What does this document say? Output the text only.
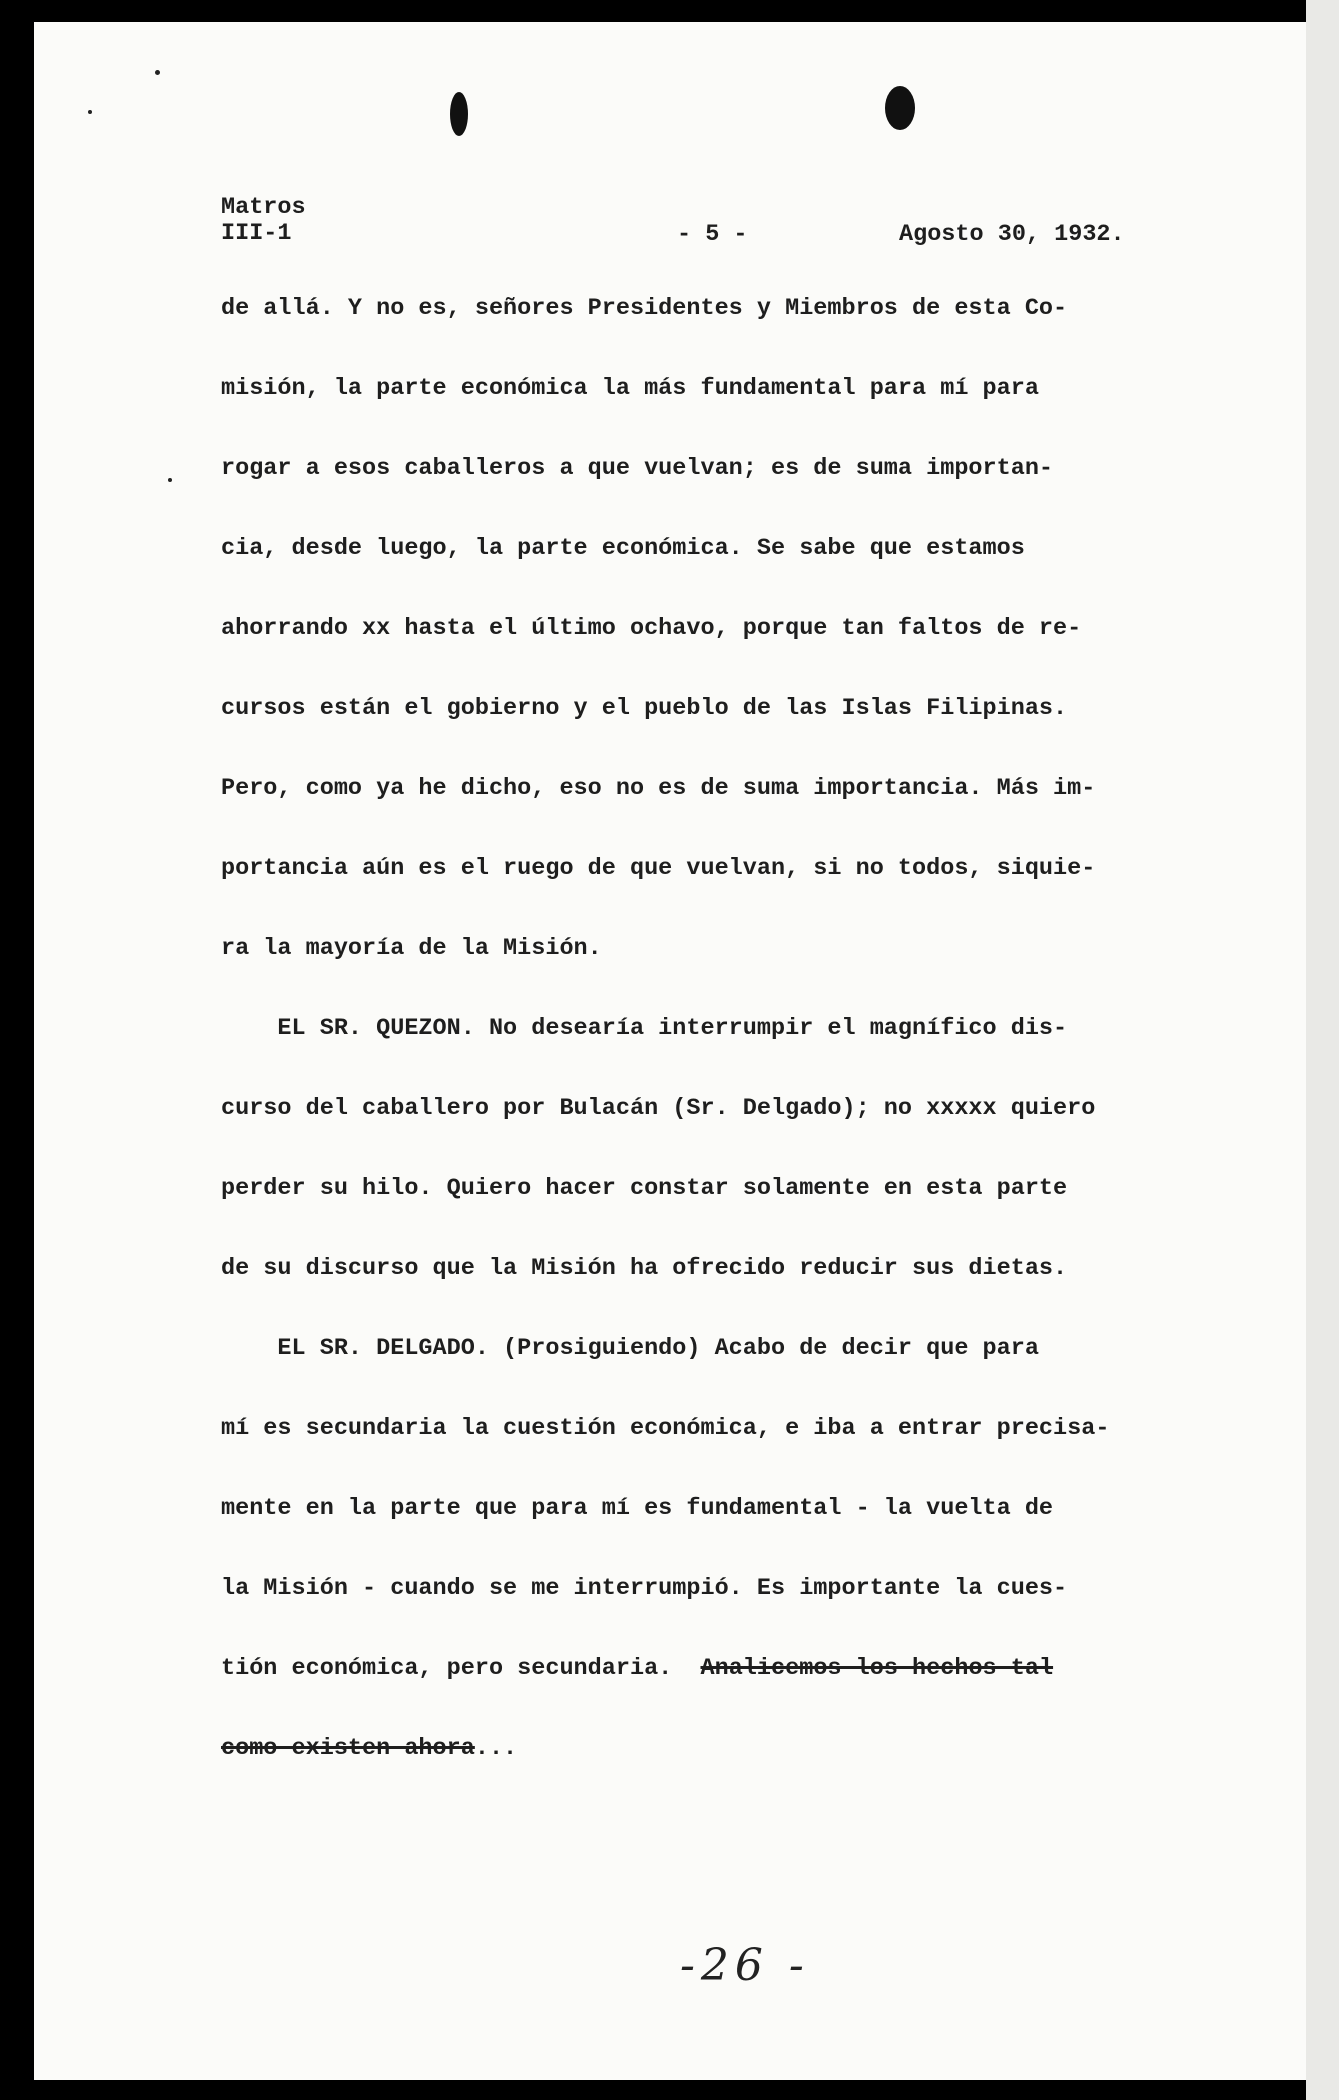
Matros
III-1	- 5 -	Agosto 30, 1932.
de allá. Y no es, señores Presidentes y Miembros de esta Co-
misión, la parte económica la más fundamental para mí para
rogar a esos caballeros a que vuelvan; es de suma importan-
cia, desde luego, la parte económica. Se sabe que estamos
ahorrando xx hasta el último ochavo, porque tan faltos de re-
cursos están el gobierno y el pueblo de las Islas Filipinas.
Pero, como ya he dicho, eso no es de suma importancia. Más im-
portancia aún es el ruego de que vuelvan, si no todos, siquie-
ra la mayoría de la Misión.
EL SR. QUEZON. No desearía interrumpir el magnífico dis-
curso del caballero por Bulacán (Sr. Delgado); no xxxxx quiero
perder su hilo. Quiero hacer constar solamente en esta parte
de su discurso que la Misión ha ofrecido reducir sus dietas.
EL SR. DELGADO. (Prosiguiendo) Acabo de decir que para
mí es secundaria la cuestión económica, e iba a entrar precisa-
mente en la parte que para mí es fundamental - la vuelta de
la Misión - cuando se me interrumpió. Es importante la cues-
tión económica, pero secundaria. Analicemos los hechos tal
como existen ahora...
-26 -
